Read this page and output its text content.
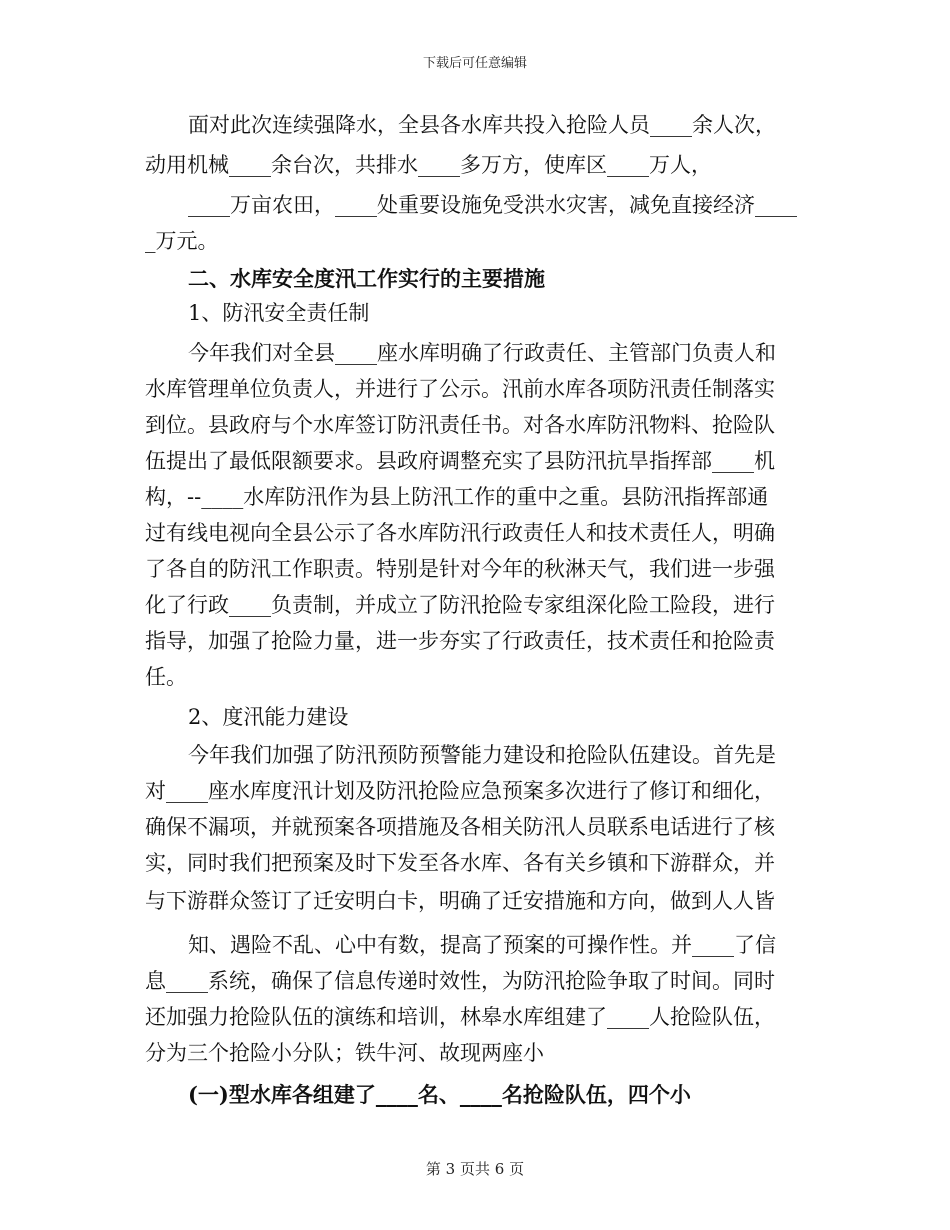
下载后可任意编辑
面对此次连续强降水，全县各水库共投入抢险人员____余人次，
动用机械____余台次，共排水____多万方，使库区____万人，
____万亩农田，____处重要设施免受洪水灾害，减免直接经济____
_万元。
二、水库安全度汛工作实行的主要措施
1、防汛安全责任制
今年我们对全县____座水库明确了行政责任、主管部门负责人和
水库管理单位负责人，并进行了公示。汛前水库各项防汛责任制落实
到位。县政府与个水库签订防汛责任书。对各水库防汛物料、抢险队
伍提出了最低限额要求。县政府调整充实了县防汛抗旱指挥部____机
构，--____水库防汛作为县上防汛工作的重中之重。县防汛指挥部通
过有线电视向全县公示了各水库防汛行政责任人和技术责任人，明确
了各自的防汛工作职责。特别是针对今年的秋淋天气，我们进一步强
化了行政____负责制，并成立了防汛抢险专家组深化险工险段，进行
指导，加强了抢险力量，进一步夯实了行政责任，技术责任和抢险责
任。
2、度汛能力建设
今年我们加强了防汛预防预警能力建设和抢险队伍建设。首先是
对____座水库度汛计划及防汛抢险应急预案多次进行了修订和细化，
确保不漏项，并就预案各项措施及各相关防汛人员联系电话进行了核
实，同时我们把预案及时下发至各水库、各有关乡镇和下游群众，并
与下游群众签订了迁安明白卡，明确了迁安措施和方向，做到人人皆
知、遇险不乱、心中有数，提高了预案的可操作性。并____了信
息____系统，确保了信息传递时效性，为防汛抢险争取了时间。同时
还加强力抢险队伍的演练和培训，林皋水库组建了____人抢险队伍，
分为三个抢险小分队；铁牛河、故现两座小
(一)型水库各组建了____名、____名抢险队伍，四个小
第 3 页共 6 页
